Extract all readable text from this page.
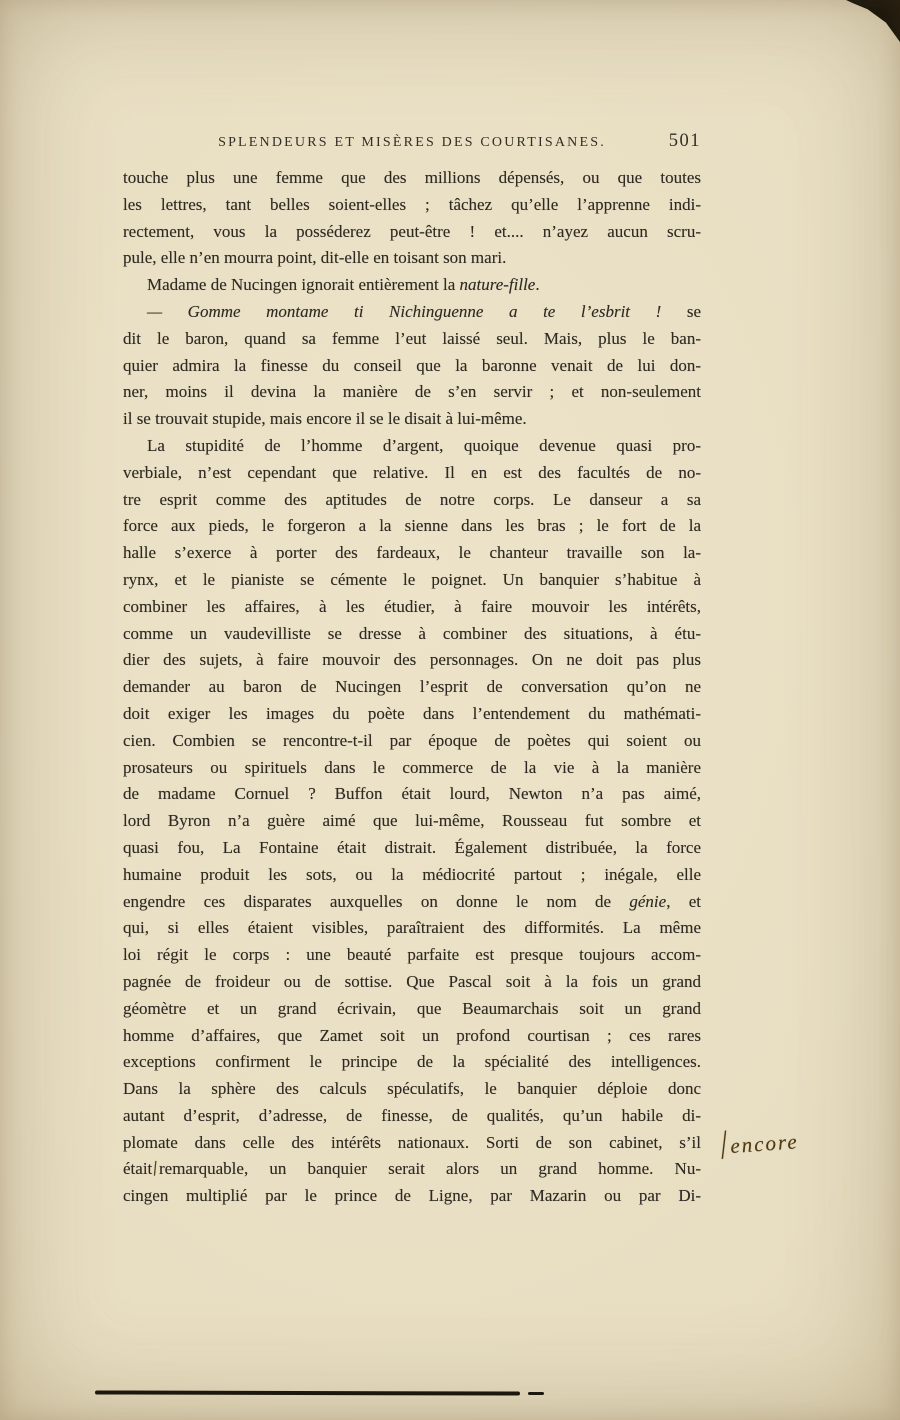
SPLENDEURS ET MISÈRES DES COURTISANES.	501
touche plus une femme que des millions dépensés, ou que toutes
les lettres, tant belles soient-elles ; tâchez qu’elle l’apprenne indi-
rectement, vous la posséderez peut-être ! et.... n’ayez aucun scru-
pule, elle n’en mourra point, dit-elle en toisant son mari.
Madame de Nucingen ignorait entièrement la nature-fille.
— Gomme montame ti Nichinguenne a te l’esbrit ! se
dit le baron, quand sa femme l’eut laissé seul. Mais, plus le ban-
quier admira la finesse du conseil que la baronne venait de lui don-
ner, moins il devina la manière de s’en servir ; et non-seulement
il se trouvait stupide, mais encore il se le disait à lui-même.
La stupidité de l’homme d’argent, quoique devenue quasi pro-
verbiale, n’est cependant que relative. Il en est des facultés de no-
tre esprit comme des aptitudes de notre corps. Le danseur a sa
force aux pieds, le forgeron a la sienne dans les bras ; le fort de la
halle s’exerce à porter des fardeaux, le chanteur travaille son la-
rynx, et le pianiste se cémente le poignet. Un banquier s’habitue à
combiner les affaires, à les étudier, à faire mouvoir les intérêts,
comme un vaudevilliste se dresse à combiner des situations, à étu-
dier des sujets, à faire mouvoir des personnages. On ne doit pas plus
demander au baron de Nucingen l’esprit de conversation qu’on ne
doit exiger les images du poète dans l’entendement du mathémati-
cien. Combien se rencontre-t-il par époque de poètes qui soient ou
prosateurs ou spirituels dans le commerce de la vie à la manière
de madame Cornuel ? Buffon était lourd, Newton n’a pas aimé,
lord Byron n’a guère aimé que lui-même, Rousseau fut sombre et
quasi fou, La Fontaine était distrait. Également distribuée, la force
humaine produit les sots, ou la médiocrité partout ; inégale, elle
engendre ces disparates auxquelles on donne le nom de génie, et
qui, si elles étaient visibles, paraîtraient des difformités. La même
loi régit le corps : une beauté parfaite est presque toujours accom-
pagnée de froideur ou de sottise. Que Pascal soit à la fois un grand
géomètre et un grand écrivain, que Beaumarchais soit un grand
homme d’affaires, que Zamet soit un profond courtisan ; ces rares
exceptions confirment le principe de la spécialité des intelligences.
Dans la sphère des calculs spéculatifs, le banquier déploie donc
autant d’esprit, d’adresse, de finesse, de qualités, qu’un habile di-
plomate dans celle des intérêts nationaux. Sorti de son cabinet, s’il
était/remarquable, un banquier serait alors un grand homme. Nu-
cingen multiplié par le prince de Ligne, par Mazarin ou par Di-
/encore
